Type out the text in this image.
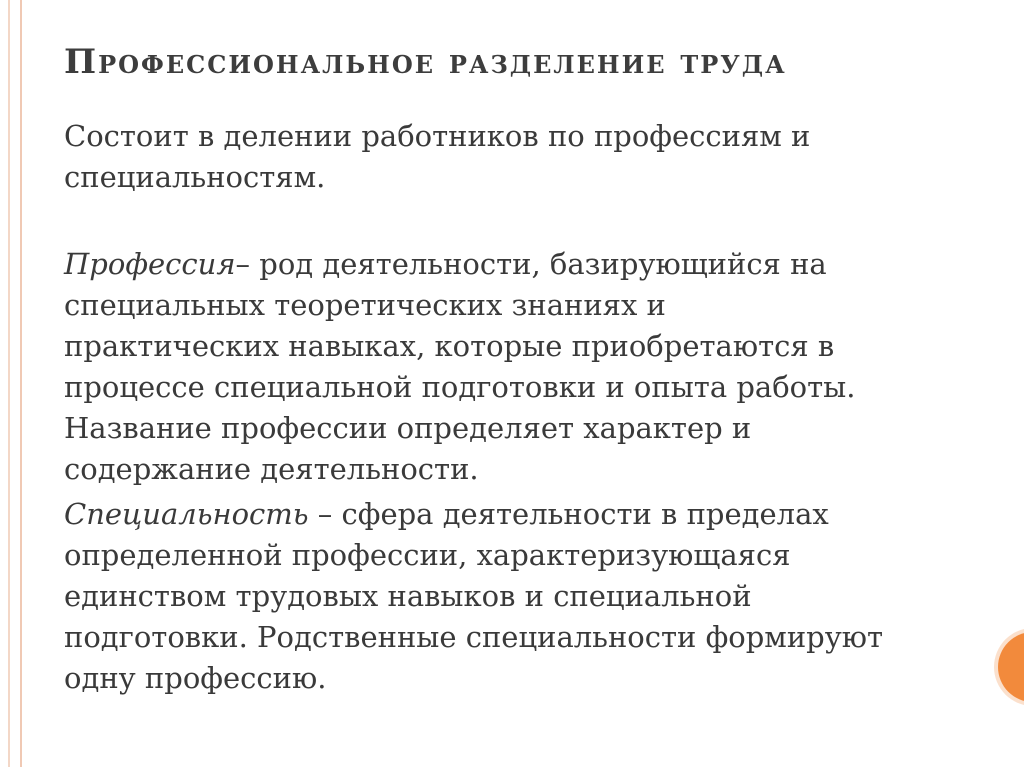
Профессиональное разделение труда

Состоит в делении работников по профессиям и
специальностям.

Профессия– род деятельности, базирующийся на
специальных теоретических знаниях и
практических навыках, которые приобретаются в
процессе специальной подготовки и опыта работы.
Название профессии определяет характер и
содержание деятельности.

Специальность – сфера деятельности в пределах
определенной профессии, характеризующаяся
единством трудовых навыков и специальной
подготовки. Родственные специальности формируют
одну профессию.
